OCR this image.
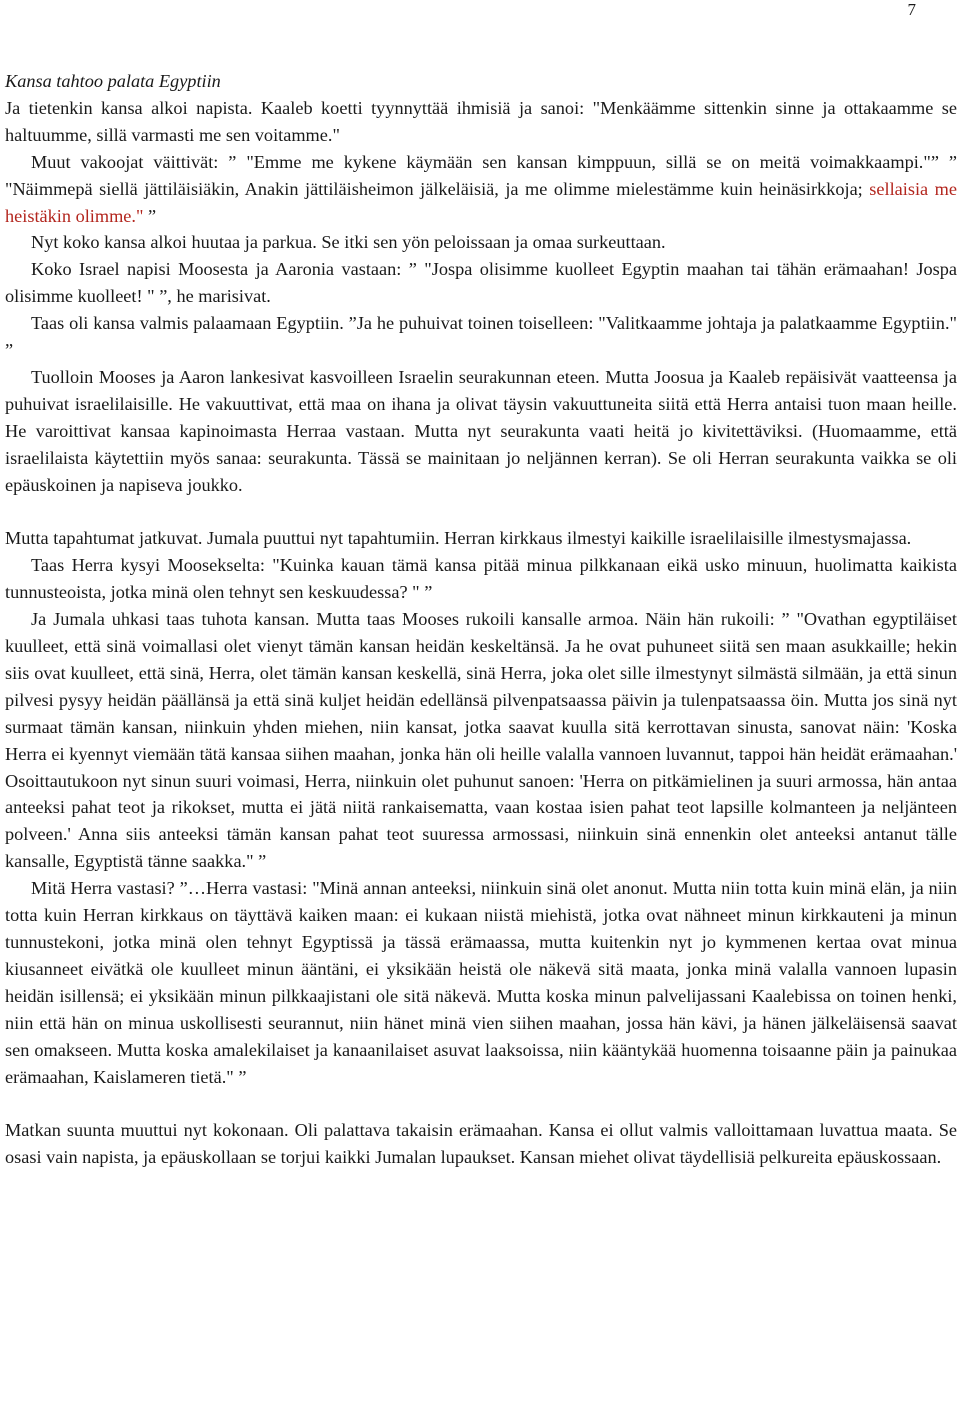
7

Kansa tahtoo palata Egyptiin

Ja tietenkin kansa alkoi napista. Kaaleb koetti tyynnyttää ihmisiä ja sanoi: "Menkäämme sittenkin sinne ja ottakaamme se haltuumme, sillä varmasti me sen voitamme."

Muut vakoojat väittivät: ” "Emme me kykene käymään sen kansan kimppuun, sillä se on meitä voimakkaampi."” ” "Näimmepä siellä jättiläisiäkin, Anakin jättiläisheimon jälkeläisiä, ja me olimme mielestämme kuin heinäsirkkoja; sellaisia me heistäkin olimme." ”

Nyt koko kansa alkoi huutaa ja parkua. Se itki sen yön peloissaan ja omaa surkeuttaan.

Koko Israel napisi Moosesta ja Aaronia vastaan: ” "Jospa olisimme kuolleet Egyptin maahan tai tähän erämaahan! Jospa olisimme kuolleet! " ”, he marisivat.

Taas oli kansa valmis palaamaan Egyptiin. ”Ja he puhuivat toinen toiselleen: "Valitkaamme johtaja ja palatkaamme Egyptiin." ”

Tuolloin Mooses ja Aaron lankesivat kasvoilleen Israelin seurakunnan eteen. Mutta Joosua ja Kaaleb repäisivät vaatteensa ja puhuivat israelilaisille. He vakuuttivat, että maa on ihana ja olivat täysin vakuuttuneita siitä että Herra antaisi tuon maan heille. He varoittivat kansaa kapinoimasta Herraa vastaan. Mutta nyt seurakunta vaati heitä jo kivitettäviksi. (Huomaamme, että israelilaista käytettiin myös sanaa: seurakunta. Tässä se mainitaan jo neljännen kerran). Se oli Herran seurakunta vaikka se oli epäuskoinen ja napiseva joukko.

Mutta tapahtumat jatkuvat. Jumala puuttui nyt tapahtumiin. Herran kirkkaus ilmestyi kaikille israelilaisille ilmestysmajassa.

Taas Herra kysyi Moosekselta: "Kuinka kauan tämä kansa pitää minua pilkkanaan eikä usko minuun, huolimatta kaikista tunnusteoista, jotka minä olen tehnyt sen keskuudessa? " ”

Ja Jumala uhkasi taas tuhota kansan. Mutta taas Mooses rukoili kansalle armoa. Näin hän rukoili: ” "Ovathan egyptiläiset kuulleet, että sinä voimallasi olet vienyt tämän kansan heidän keskeltänsä. Ja he ovat puhuneet siitä sen maan asukkaille; hekin siis ovat kuulleet, että sinä, Herra, olet tämän kansan keskellä, sinä Herra, joka olet sille ilmestynyt silmästä silmään, ja että sinun pilvesi pysyy heidän päällänsä ja että sinä kuljet heidän edellänsä pilvenpatsaassa päivin ja tulenpatsaassa öin. Mutta jos sinä nyt surmaat tämän kansan, niinkuin yhden miehen, niin kansat, jotka saavat kuulla sitä kerrottavan sinusta, sanovat näin: 'Koska Herra ei kyennyt viemään tätä kansaa siihen maahan, jonka hän oli heille valalla vannoen luvannut, tappoi hän heidät erämaahan.' Osoittautukoon nyt sinun suuri voimasi, Herra, niinkuin olet puhunut sanoen: 'Herra on pitkämielinen ja suuri armossa, hän antaa anteeksi pahat teot ja rikokset, mutta ei jätä niitä rankaisematta, vaan kostaa isien pahat teot lapsille kolmanteen ja neljänteen polveen.' Anna siis anteeksi tämän kansan pahat teot suuressa armossasi, niinkuin sinä ennenkin olet anteeksi antanut tälle kansalle, Egyptistä tänne saakka." ”

Mitä Herra vastasi? ”…Herra vastasi: "Minä annan anteeksi, niinkuin sinä olet anonut. Mutta niin totta kuin minä elän, ja niin totta kuin Herran kirkkaus on täyttävä kaiken maan: ei kukaan niistä miehistä, jotka ovat nähneet minun kirkkauteni ja minun tunnustekoni, jotka minä olen tehnyt Egyptissä ja tässä erämaassa, mutta kuitenkin nyt jo kymmenen kertaa ovat minua kiusanneet eivätkä ole kuulleet minun ääntäni, ei yksikään heistä ole näkevä sitä maata, jonka minä valalla vannoen lupasin heidän isillensä; ei yksikään minun pilkkaajistani ole sitä näkevä. Mutta koska minun palvelijassani Kaalebissa on toinen henki, niin että hän on minua uskollisesti seurannut, niin hänet minä vien siihen maahan, jossa hän kävi, ja hänen jälkeläisensä saavat sen omakseen. Mutta koska amalekilaiset ja kanaanilaiset asuvat laaksoissa, niin kääntykää huomenna toisaanne päin ja painukaa erämaahan, Kaislameren tietä." ”

Matkan suunta muuttui nyt kokonaan. Oli palattava takaisin erämaahan. Kansa ei ollut valmis valloittamaan luvattua maata. Se osasi vain napista, ja epäuskollaan se torjui kaikki Jumalan lupaukset. Kansan miehet olivat täydellisiä pelkureita epäuskossaan.
